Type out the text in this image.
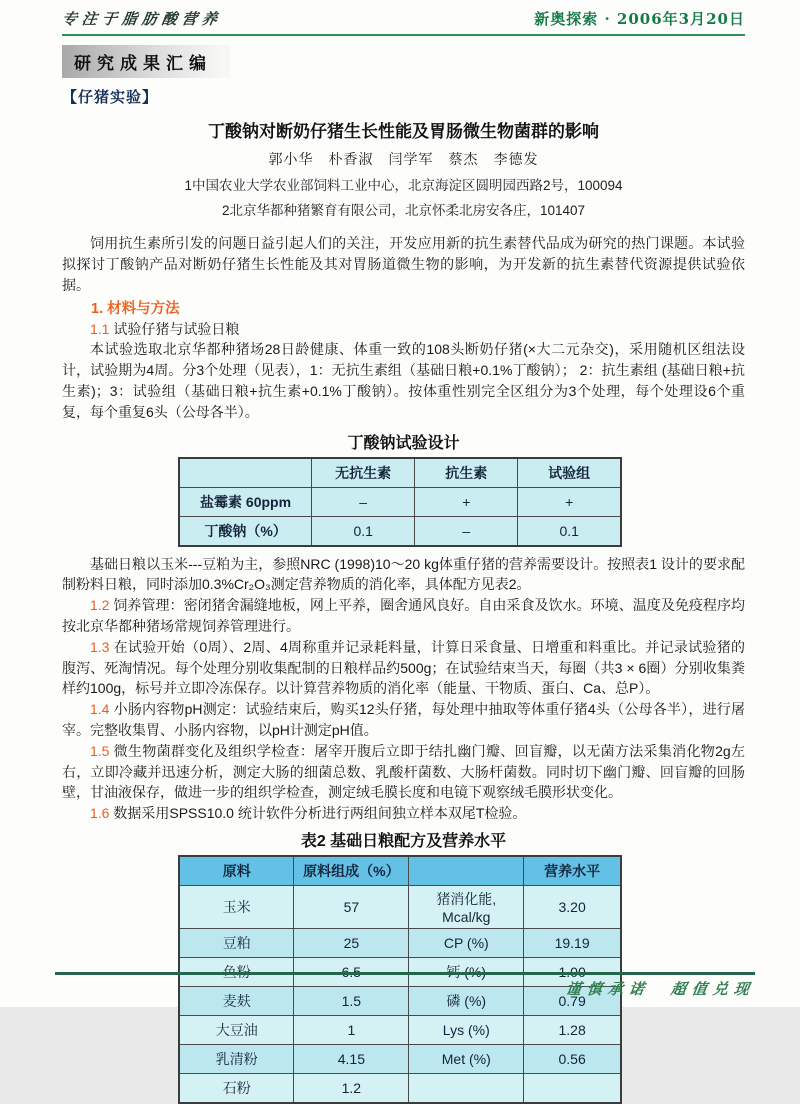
专注于脂肪酸营养	新奥探索 · 2006年3月20日
研究成果汇编
【仔猪实验】
丁酸钠对断奶仔猪生长性能及胃肠微生物菌群的影响
郭小华　朴香淑　闫学军　蔡杰　李德发
1中国农业大学农业部饲料工业中心，北京海淀区圆明园西路2号，100094
2北京华都种猪繁育有限公司，北京怀柔北房安各庄，101407

饲用抗生素所引发的问题日益引起人们的关注，开发应用新的抗生素替代品成为研究的热门课题。本试验拟探讨丁酸钠产品对断奶仔猪生长性能及其对胃肠道微生物的影响，为开发新的抗生素替代资源提供试验依据。

1. 材料与方法

1.1 试验仔猪与试验日粮

本试验选取北京华都种猪场28日龄健康、体重一致的108头断奶仔猪(×大二元杂交)，采用随机区组法设计，试验期为4周。分3个处理（见表），1：无抗生素组（基础日粮+0.1%丁酸钠）； 2：抗生素组 (基础日粮+抗生素)；3：试验组（基础日粮+抗生素+0.1%丁酸钠）。按体重性别完全区组分为3个处理，每个处理设6个重复，每个重复6头（公母各半）。

丁酸钠试验设计
	无抗生素	抗生素	试验组
盐霉素 60ppm	–	+	+
丁酸钠（%）	0.1	–	0.1

基础日粮以玉米---豆粕为主，参照NRC (1998)10～20 kg体重仔猪的营养需要设计。按照表1 设计的要求配制粉料日粮，同时添加0.3%Cr₂O₃测定营养物质的消化率，具体配方见表2。

1.2 饲养管理：密闭猪舍漏缝地板，网上平养，圈舍通风良好。自由采食及饮水。环境、温度及免疫程序均按北京华都种猪场常规饲养管理进行。

1.3 在试验开始（0周）、2周、4周称重并记录耗料量，计算日采食量、日增重和料重比。并记录试验猪的腹泻、死淘情况。每个处理分别收集配制的日粮样品约500g；在试验结束当天，每圈（共3 × 6圈）分别收集粪样约100g，标号并立即冷冻保存。以计算营养物质的消化率（能量、干物质、蛋白、Ca、总P）。

1.4 小肠内容物pH测定：试验结束后，购买12头仔猪，每处理中抽取等体重仔猪4头（公母各半），进行屠宰。完整收集胃、小肠内容物，以pH计测定pH值。

1.5 微生物菌群变化及组织学检查：屠宰开腹后立即于结扎幽门瓣、回盲瓣，以无菌方法采集消化物2g左右，立即冷藏并迅速分析，测定大肠的细菌总数、乳酸杆菌数、大肠杆菌数。同时切下幽门瓣、回盲瓣的回肠壁，甘油液保存，做进一步的组织学检查，测定绒毛膜长度和电镜下观察绒毛膜形状变化。

1.6 数据采用SPSS10.0 统计软件分析进行两组间独立样本双尾T检验。

表2 基础日粮配方及营养水平
原料	原料组成（%）		营养水平
玉米	57	猪消化能, Mcal/kg	3.20
豆粕	25	CP (%)	19.19
鱼粉	6.5	钙 (%)	1.00
麦麸	1.5	磷 (%)	0.79
大豆油	1	Lys (%)	1.28
乳清粉	4.15	Met (%)	0.56
石粉	1.2		
谨慎承诺　超值兑现
